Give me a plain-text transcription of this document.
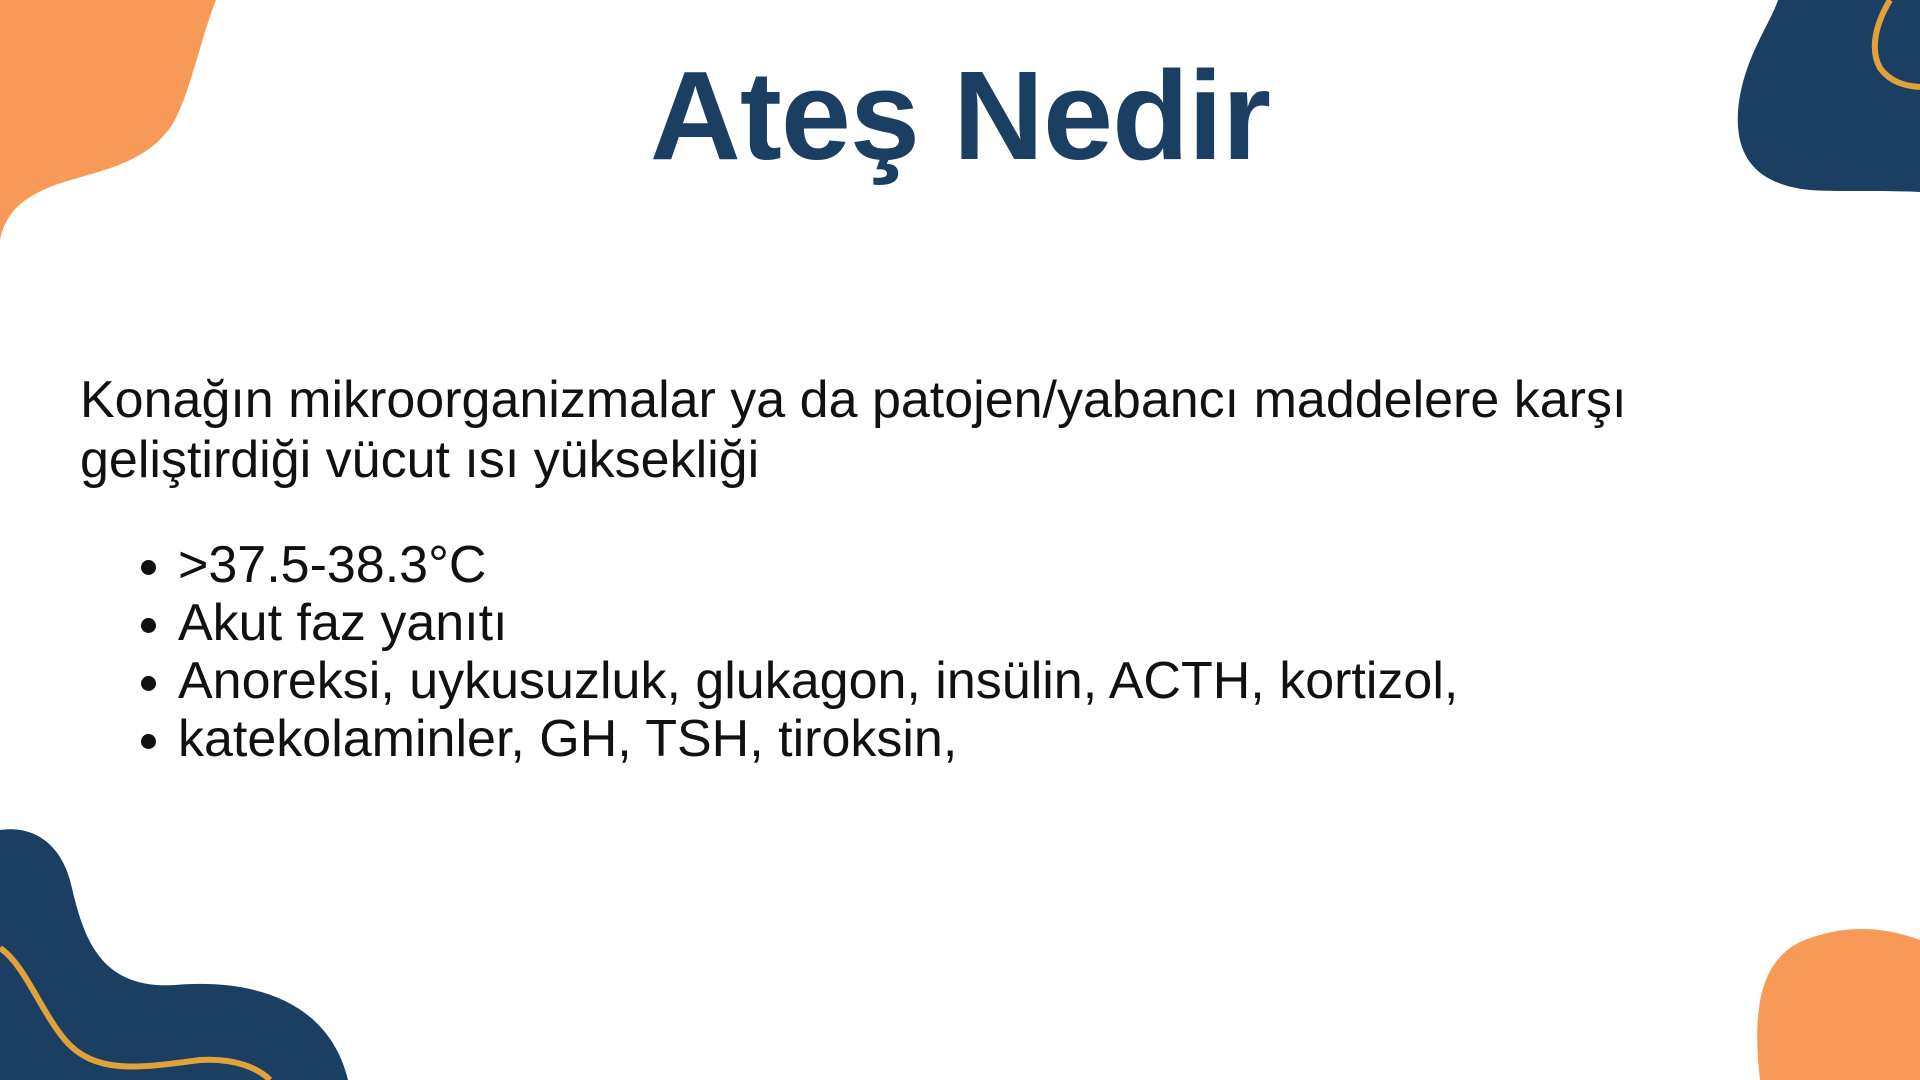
Ateş Nedir

Konağın mikroorganizmalar ya da patojen/yabancı maddelere karşı geliştirdiği vücut ısı yüksekliği

• >37.5-38.3°C
• Akut faz yanıtı
• Anoreksi, uykusuzluk, glukagon, insülin, ACTH, kortizol,
• katekolaminler, GH, TSH, tiroksin,
